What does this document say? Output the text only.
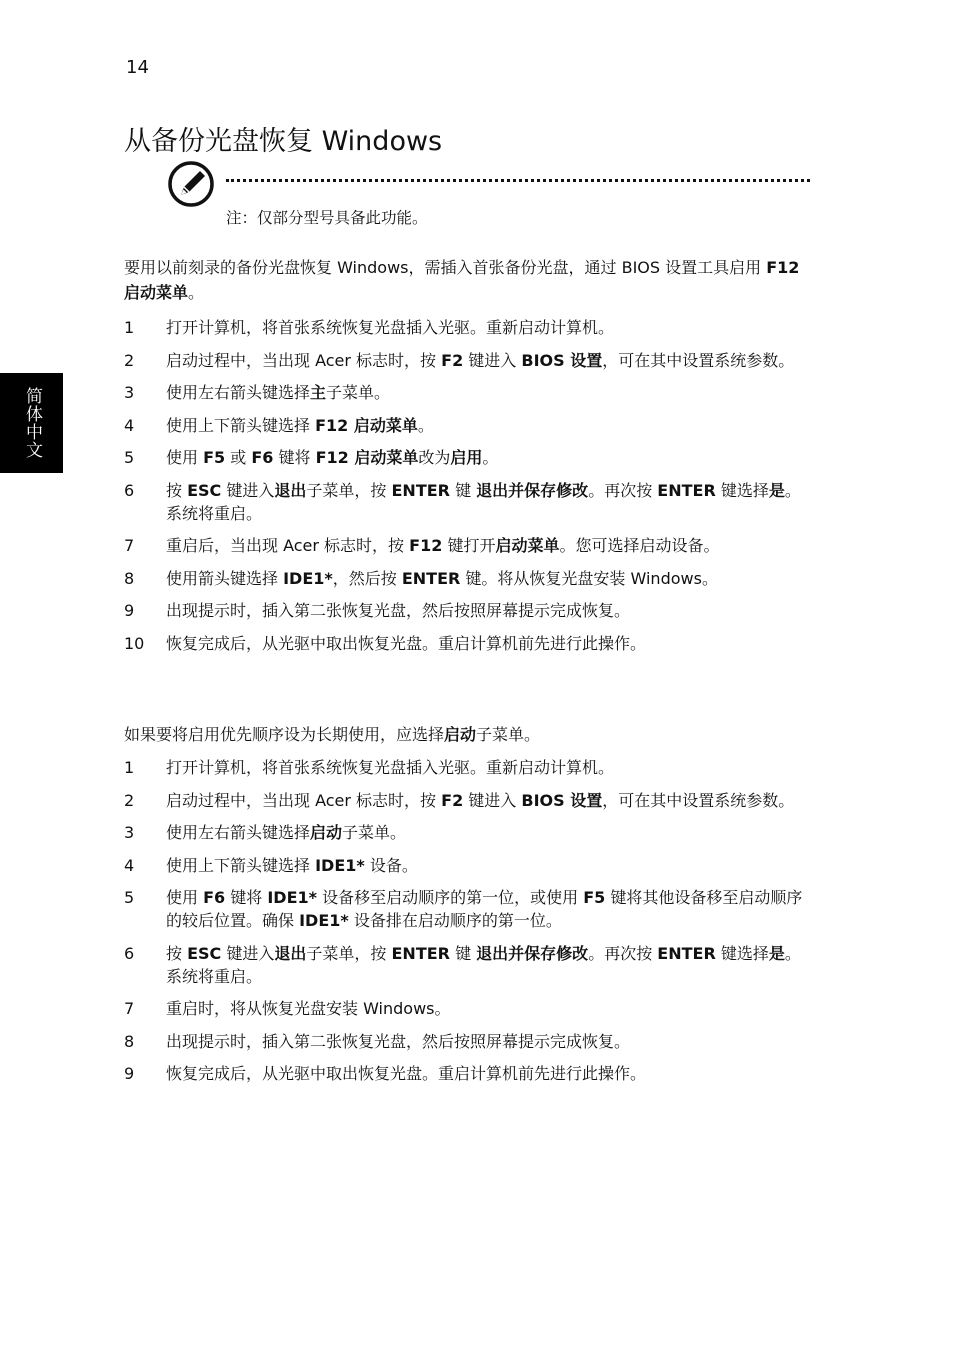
14
从备份光盘恢复 Windows
注：仅部分型号具备此功能。

要用以前刻录的备份光盘恢复 Windows，需插入首张备份光盘，通过 BIOS 设置工具启用 F12 启动菜单。

1 打开计算机，将首张系统恢复光盘插入光驱。重新启动计算机。
2 启动过程中，当出现 Acer 标志时，按 F2 键进入 BIOS 设置，可在其中设置系统参数。
3 使用左右箭头键选择主子菜单。
4 使用上下箭头键选择 F12 启动菜单。
5 使用 F5 或 F6 键将 F12 启动菜单改为启用。
6 按 ESC 键进入退出子菜单，按 ENTER 键 退出并保存修改。再次按 ENTER 键选择是。系统将重启。
7 重启后，当出现 Acer 标志时，按 F12 键打开启动菜单。您可选择启动设备。
8 使用箭头键选择 IDE1*，然后按 ENTER 键。将从恢复光盘安装 Windows。
9 出现提示时，插入第二张恢复光盘，然后按照屏幕提示完成恢复。
10 恢复完成后，从光驱中取出恢复光盘。重启计算机前先进行此操作。

如果要将启用优先顺序设为长期使用，应选择启动子菜单。

1 打开计算机，将首张系统恢复光盘插入光驱。重新启动计算机。
2 启动过程中，当出现 Acer 标志时，按 F2 键进入 BIOS 设置，可在其中设置系统参数。
3 使用左右箭头键选择启动子菜单。
4 使用上下箭头键选择 IDE1* 设备。
5 使用 F6 键将 IDE1* 设备移至启动顺序的第一位，或使用 F5 键将其他设备移至启动顺序的较后位置。确保 IDE1* 设备排在启动顺序的第一位。
6 按 ESC 键进入退出子菜单，按 ENTER 键 退出并保存修改。再次按 ENTER 键选择是。系统将重启。
7 重启时，将从恢复光盘安装 Windows。
8 出现提示时，插入第二张恢复光盘，然后按照屏幕提示完成恢复。
9 恢复完成后，从光驱中取出恢复光盘。重启计算机前先进行此操作。
简体中文
